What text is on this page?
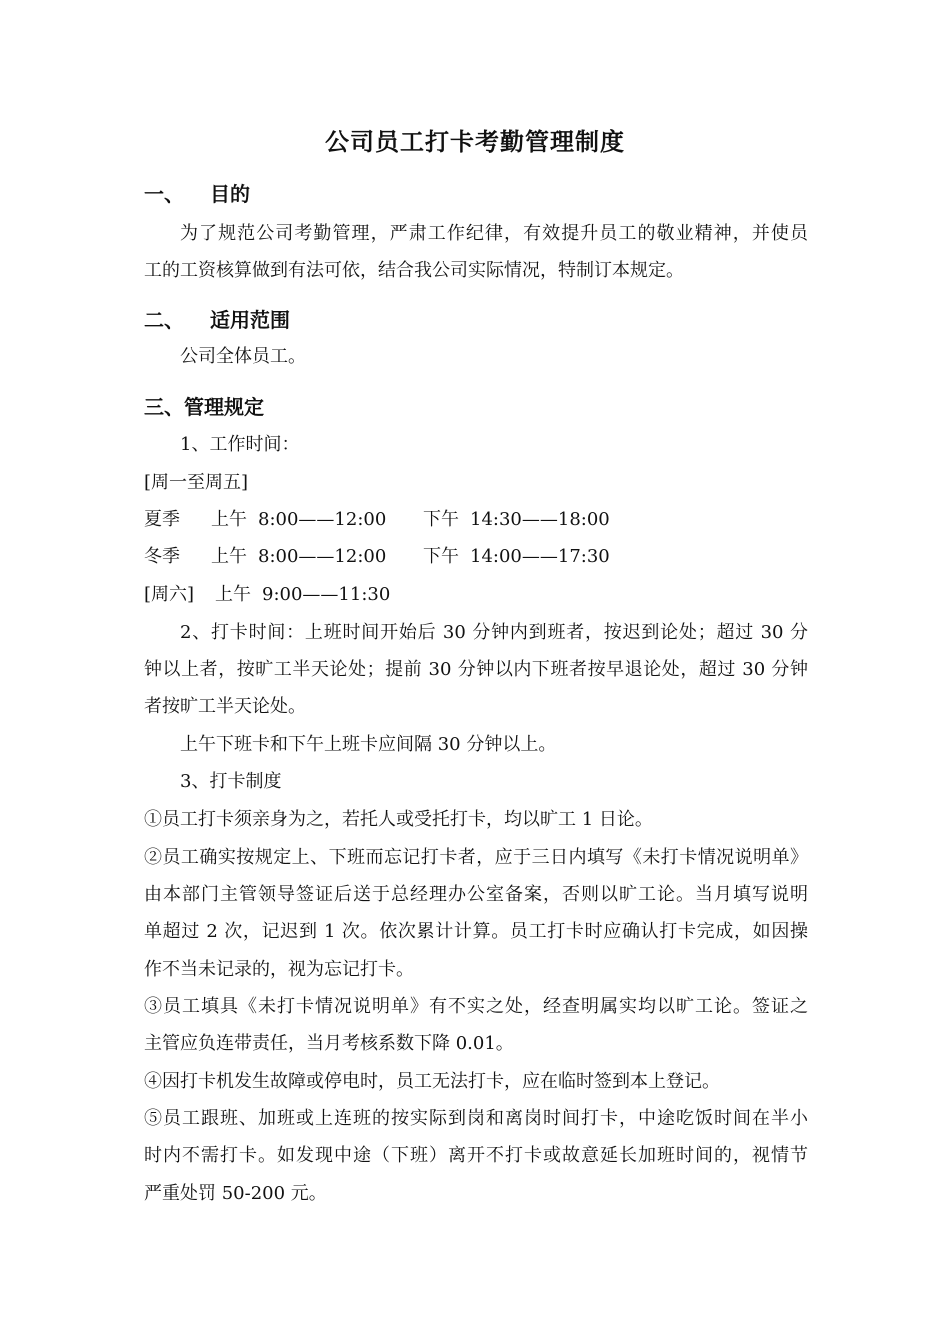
公司员工打卡考勤管理制度
一、 目的

为了规范公司考勤管理，严肃工作纪律，有效提升员工的敬业精神，并使员

工的工资核算做到有法可依，结合我公司实际情况，特制订本规定。

二、 适用范围

公司全体员工。

三、管理规定

1、工作时间：

[周一至周五]

夏季 上午 8:00——12:00 下午 14:30——18:00
冬季 上午 8:00——12:00 下午 14:00——17:30
[周六] 上午 9:00——11:30

2、打卡时间：上班时间开始后 30 分钟内到班者，按迟到论处；超过 30 分

钟以上者，按旷工半天论处；提前 30 分钟以内下班者按早退论处，超过 30 分钟

者按旷工半天论处。

上午下班卡和下午上班卡应间隔 30 分钟以上。

3、打卡制度

①员工打卡须亲身为之，若托人或受托打卡，均以旷工 1 日论。

②员工确实按规定上、下班而忘记打卡者，应于三日内填写《未打卡情况说明单》

由本部门主管领导签证后送于总经理办公室备案，否则以旷工论。当月填写说明

单超过 2 次，记迟到 1 次。依次累计计算。员工打卡时应确认打卡完成，如因操

作不当未记录的，视为忘记打卡。

③员工填具《未打卡情况说明单》有不实之处，经查明属实均以旷工论。签证之

主管应负连带责任，当月考核系数下降 0.01。

④因打卡机发生故障或停电时，员工无法打卡，应在临时签到本上登记。

⑤员工跟班、加班或上连班的按实际到岗和离岗时间打卡，中途吃饭时间在半小

时内不需打卡。如发现中途（下班）离开不打卡或故意延长加班时间的，视情节

严重处罚 50-200 元。
